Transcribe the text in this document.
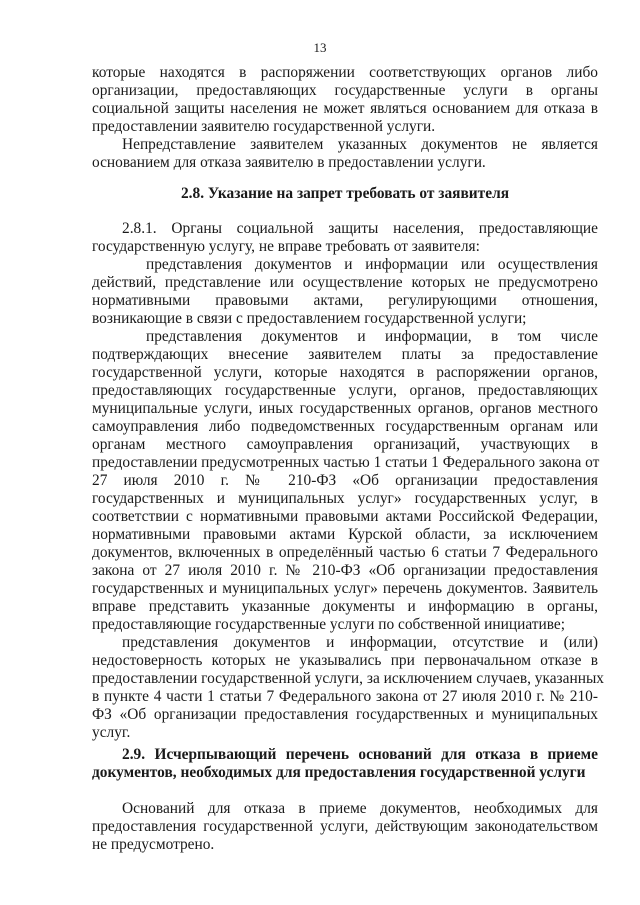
13
которые находятся в распоряжении соответствующих органов либо
организации, предоставляющих государственные услуги в органы
социальной защиты населения не может являться основанием для отказа в
предоставлении заявителю государственной услуги.
Непредставление заявителем указанных документов не является
основанием для отказа заявителю в предоставлении услуги.
2.8. Указание на запрет требовать от заявителя
2.8.1. Органы социальной защиты населения, предоставляющие
государственную услугу, не вправе требовать от заявителя:
представления документов и информации или осуществления
действий, представление или осуществление которых не предусмотрено
нормативными правовыми актами, регулирующими отношения,
возникающие в связи с предоставлением государственной услуги;
представления документов и информации, в том числе
подтверждающих внесение заявителем платы за предоставление
государственной услуги, которые находятся в распоряжении органов,
предоставляющих государственные услуги, органов, предоставляющих
муниципальные услуги, иных государственных органов, органов местного
самоуправления либо подведомственных государственным органам или
органам местного самоуправления организаций, участвующих в
предоставлении предусмотренных частью 1 статьи 1 Федерального закона от
27 июля 2010 г. № 210-ФЗ «Об организации предоставления
государственных и муниципальных услуг» государственных услуг, в
соответствии с нормативными правовыми актами Российской Федерации,
нормативными правовыми актами Курской области, за исключением
документов, включенных в определённый частью 6 статьи 7 Федерального
закона от 27 июля 2010 г. № 210-ФЗ «Об организации предоставления
государственных и муниципальных услуг» перечень документов. Заявитель
вправе представить указанные документы и информацию в органы,
предоставляющие государственные услуги по собственной инициативе;
представления документов и информации, отсутствие и (или)
недостоверность которых не указывались при первоначальном отказе в
предоставлении государственной услуги, за исключением случаев, указанных
в пункте 4 части 1 статьи 7 Федерального закона от 27 июля 2010 г. № 210-
ФЗ «Об организации предоставления государственных и муниципальных
услуг.
2.9. Исчерпывающий перечень оснований для отказа в приеме
документов, необходимых для предоставления государственной услуги
Оснований для отказа в приеме документов, необходимых для
предоставления государственной услуги, действующим законодательством
не предусмотрено.
